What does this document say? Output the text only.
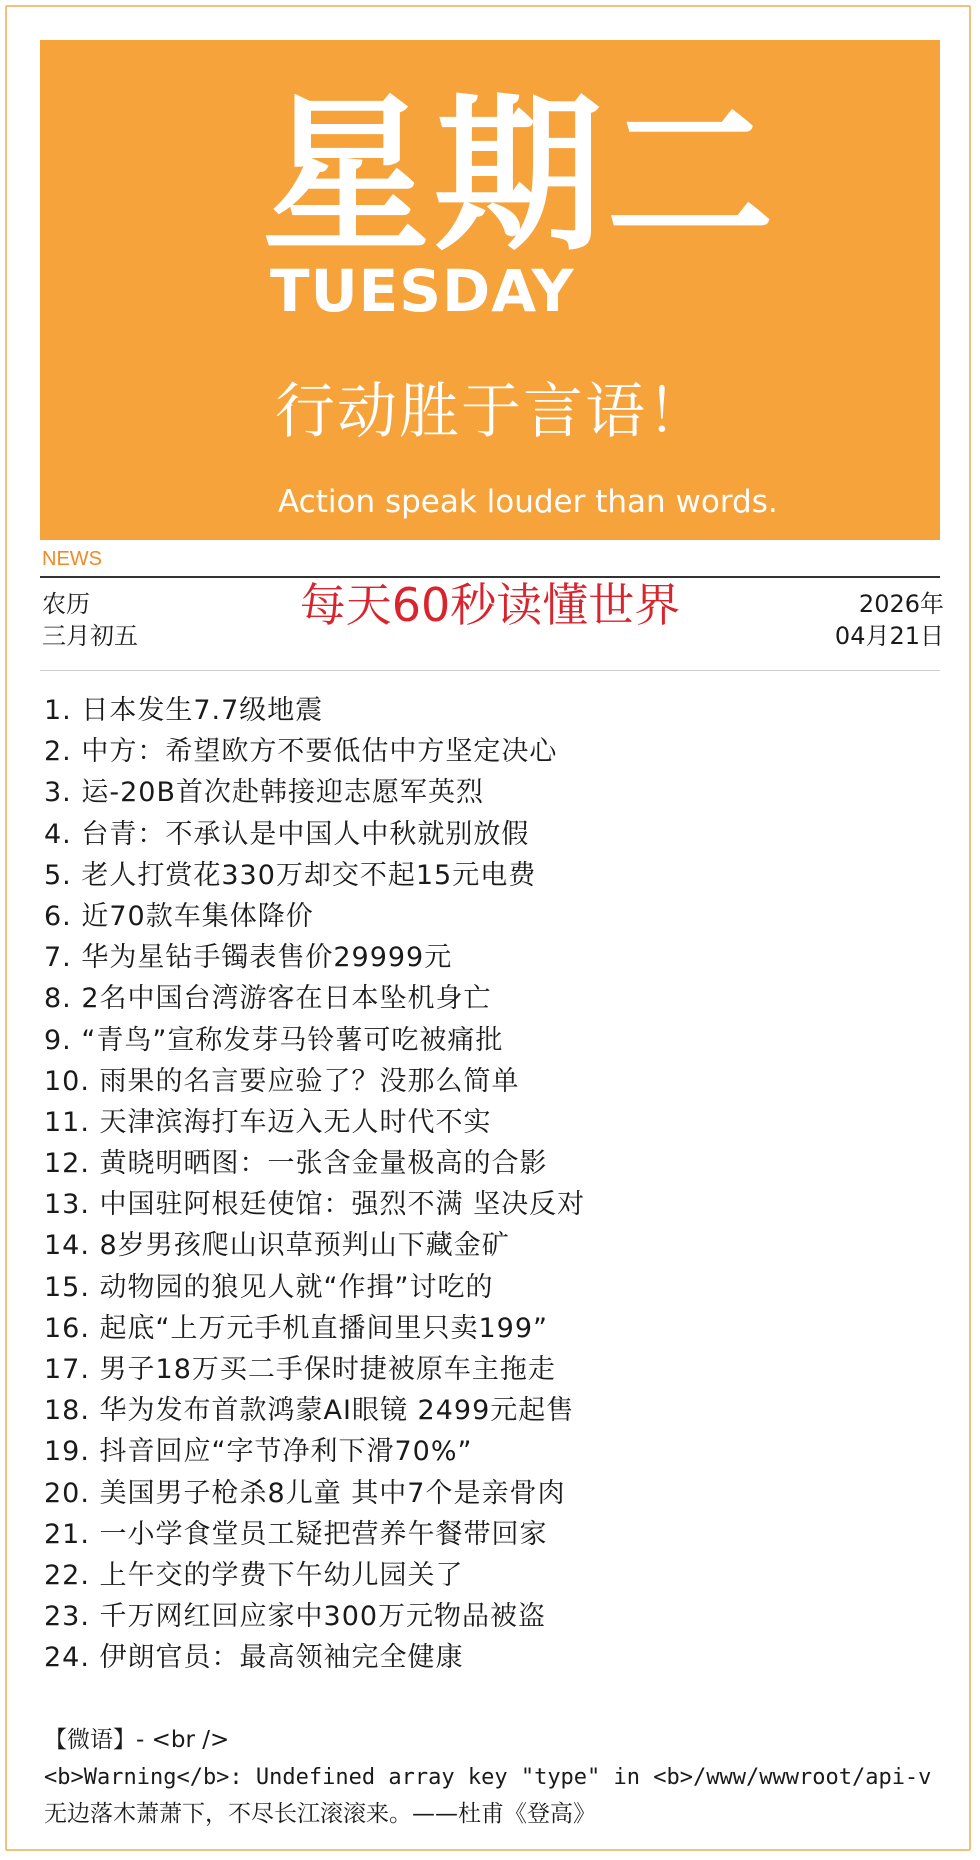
星期二
TUESDAY
行动胜于言语！
Action speak louder than words.
NEWS
农历
三月初五
每天60秒读懂世界	2026年
04月21日
1. 日本发生7.7级地震
2. 中方：希望欧方不要低估中方坚定决心
3. 运-20B首次赴韩接迎志愿军英烈
4. 台青：不承认是中国人中秋就别放假
5. 老人打赏花330万却交不起15元电费
6. 近70款车集体降价
7. 华为星钻手镯表售价29999元
8. 2名中国台湾游客在日本坠机身亡
9. “青鸟”宣称发芽马铃薯可吃被痛批
10. 雨果的名言要应验了？没那么简单
11. 天津滨海打车迈入无人时代不实
12. 黄晓明晒图：一张含金量极高的合影
13. 中国驻阿根廷使馆：强烈不满 坚决反对
14. 8岁男孩爬山识草预判山下藏金矿
15. 动物园的狼见人就“作揖”讨吃的
16. 起底“上万元手机直播间里只卖199”
17. 男子18万买二手保时捷被原车主拖走
18. 华为发布首款鸿蒙AI眼镜 2499元起售
19. 抖音回应“字节净利下滑70%”
20. 美国男子枪杀8儿童 其中7个是亲骨肉
21. 一小学食堂员工疑把营养午餐带回家
22. 上午交的学费下午幼儿园关了
23. 千万网红回应家中300万元物品被盗
24. 伊朗官员：最高领袖完全健康
【微语】- <br />
<b>Warning</b>: Undefined array key "type" in <b>/www/wwwroot/api-v
无边落木萧萧下，不尽长江滚滚来。——杜甫《登高》
